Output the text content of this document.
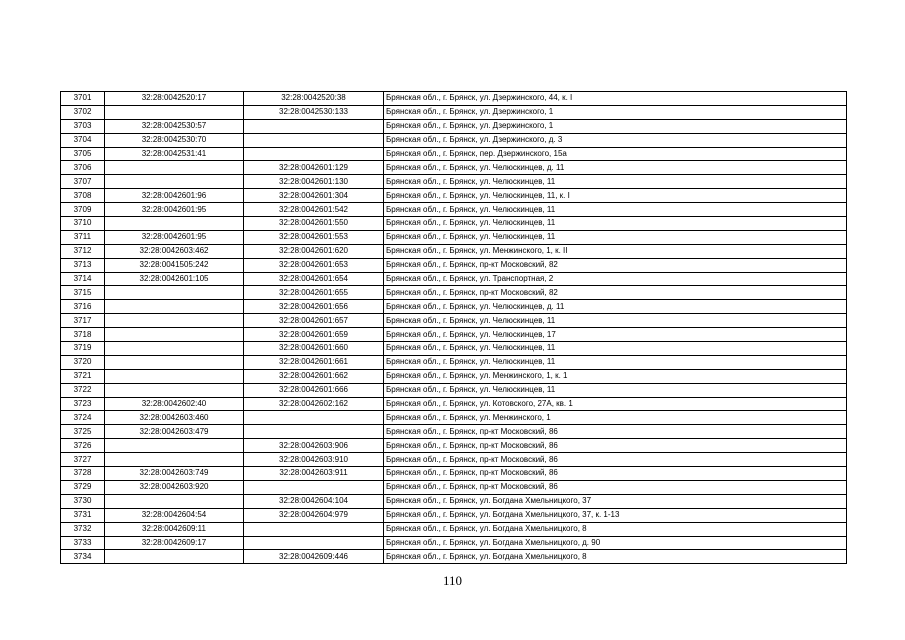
3701	32:28:0042520:17	32:28:0042520:38	Брянская обл., г. Брянск, ул. Дзержинского, 44, к. I
3702		32:28:0042530:133	Брянская обл., г. Брянск, ул. Дзержинского, 1
3703	32:28:0042530:57		Брянская обл., г. Брянск, ул. Дзержинского, 1
3704	32:28:0042530:70		Брянская обл., г. Брянск, ул. Дзержинского, д. 3
3705	32:28:0042531:41		Брянская обл., г. Брянск, пер. Дзержинского, 15а
3706		32:28:0042601:129	Брянская обл., г. Брянск, ул. Челюскинцев, д. 11
3707		32:28:0042601:130	Брянская обл., г. Брянск, ул. Челюскинцев, 11
3708	32:28:0042601:96	32:28:0042601:304	Брянская обл., г. Брянск, ул. Челюскинцев, 11, к. I
3709	32:28:0042601:95	32:28:0042601:542	Брянская обл., г. Брянск, ул. Челюскинцев, 11
3710		32:28:0042601:550	Брянская обл., г. Брянск, ул. Челюскинцев, 11
3711	32:28:0042601:95	32:28:0042601:553	Брянская обл., г. Брянск, ул. Челюскинцев, 11
3712	32:28:0042603:462	32:28:0042601:620	Брянская обл., г. Брянск, ул. Менжинского, 1, к. II
3713	32:28:0041505:242	32:28:0042601:653	Брянская обл., г. Брянск, пр-кт Московский, 82
3714	32:28:0042601:105	32:28:0042601:654	Брянская обл., г. Брянск, ул. Транспортная, 2
3715		32:28:0042601:655	Брянская обл., г. Брянск, пр-кт Московский, 82
3716		32:28:0042601:656	Брянская обл., г. Брянск, ул. Челюскинцев, д. 11
3717		32:28:0042601:657	Брянская обл., г. Брянск, ул. Челюскинцев, 11
3718		32:28:0042601:659	Брянская обл., г. Брянск, ул. Челюскинцев, 17
3719		32:28:0042601:660	Брянская обл., г. Брянск, ул. Челюскинцев, 11
3720		32:28:0042601:661	Брянская обл., г. Брянск, ул. Челюскинцев, 11
3721		32:28:0042601:662	Брянская обл., г. Брянск, ул. Менжинского, 1, к. 1
3722		32:28:0042601:666	Брянская обл., г. Брянск, ул. Челюскинцев, 11
3723	32:28:0042602:40	32:28:0042602:162	Брянская обл., г. Брянск, ул. Котовского, 27А, кв. 1
3724	32:28:0042603:460		Брянская обл., г. Брянск, ул. Менжинского, 1
3725	32:28:0042603:479		Брянская обл., г. Брянск, пр-кт Московский, 86
3726		32:28:0042603:906	Брянская обл., г. Брянск, пр-кт Московский, 86
3727		32:28:0042603:910	Брянская обл., г. Брянск, пр-кт Московский, 86
3728	32:28:0042603:749	32:28:0042603:911	Брянская обл., г. Брянск, пр-кт Московский, 86
3729	32:28:0042603:920		Брянская обл., г. Брянск, пр-кт Московский, 86
3730		32:28:0042604:104	Брянская обл., г. Брянск, ул. Богдана Хмельницкого, 37
3731	32:28:0042604:54	32:28:0042604:979	Брянская обл., г. Брянск, ул. Богдана Хмельницкого, 37, к. 1-13
3732	32:28:0042609:11		Брянская обл., г. Брянск, ул. Богдана Хмельницкого, 8
3733	32:28:0042609:17		Брянская обл., г. Брянск, ул. Богдана Хмельницкого, д. 90
3734		32:28:0042609:446	Брянская обл., г. Брянск, ул. Богдана Хмельницкого, 8
110
